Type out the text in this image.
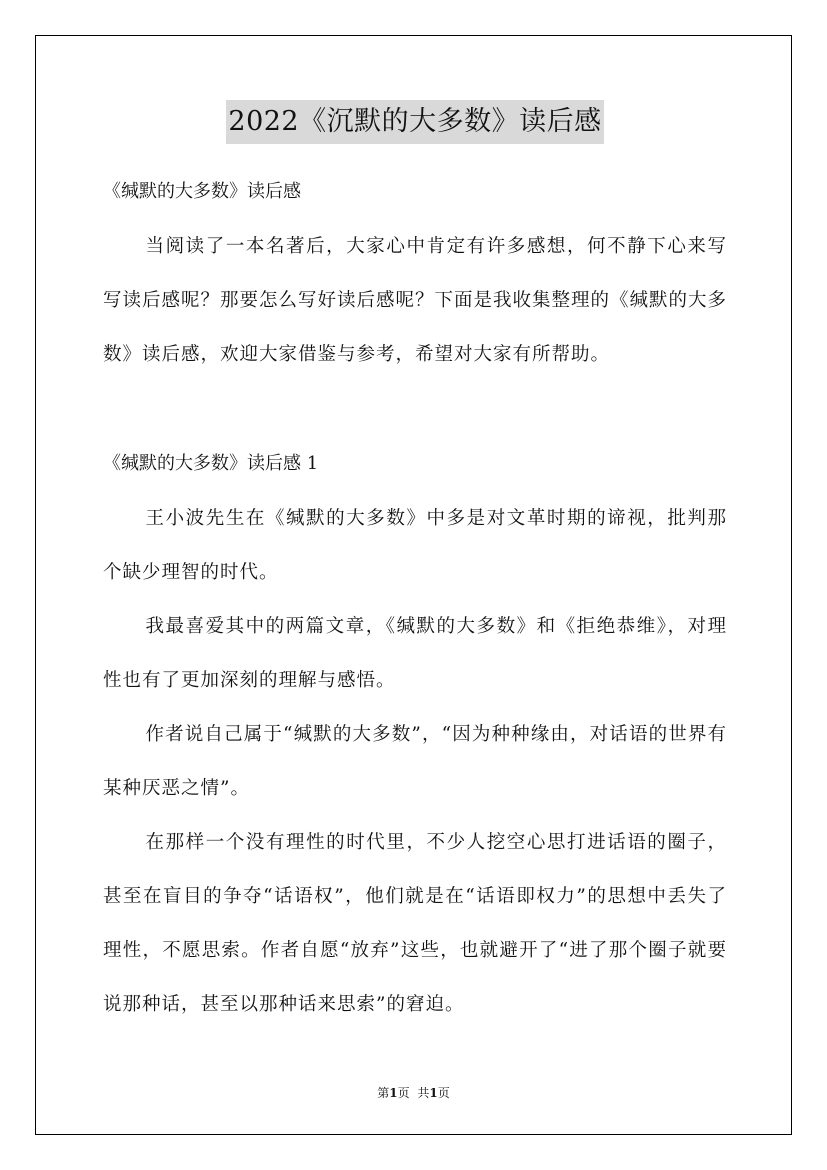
2022《沉默的大多数》读后感
《缄默的大多数》读后感

当阅读了一本名著后，大家心中肯定有许多感想，何不静下心来写写读后感呢？那要怎么写好读后感呢？下面是我收集整理的《缄默的大多数》读后感，欢迎大家借鉴与参考，希望对大家有所帮助。

《缄默的大多数》读后感 1

王小波先生在《缄默的大多数》中多是对文革时期的谛视，批判那个缺少理智的时代。

我最喜爱其中的两篇文章，《缄默的大多数》和《拒绝恭维》，对理性也有了更加深刻的理解与感悟。

作者说自己属于“缄默的大多数”，“因为种种缘由，对话语的世界有某种厌恶之情”。

在那样一个没有理性的时代里，不少人挖空心思打进话语的圈子，甚至在盲目的争夺“话语权”，他们就是在“话语即权力”的思想中丢失了理性，不愿思索。作者自愿“放弃”这些，也就避开了“进了那个圈子就要说那种话，甚至以那种话来思索”的窘迫。

第1页 共1页
